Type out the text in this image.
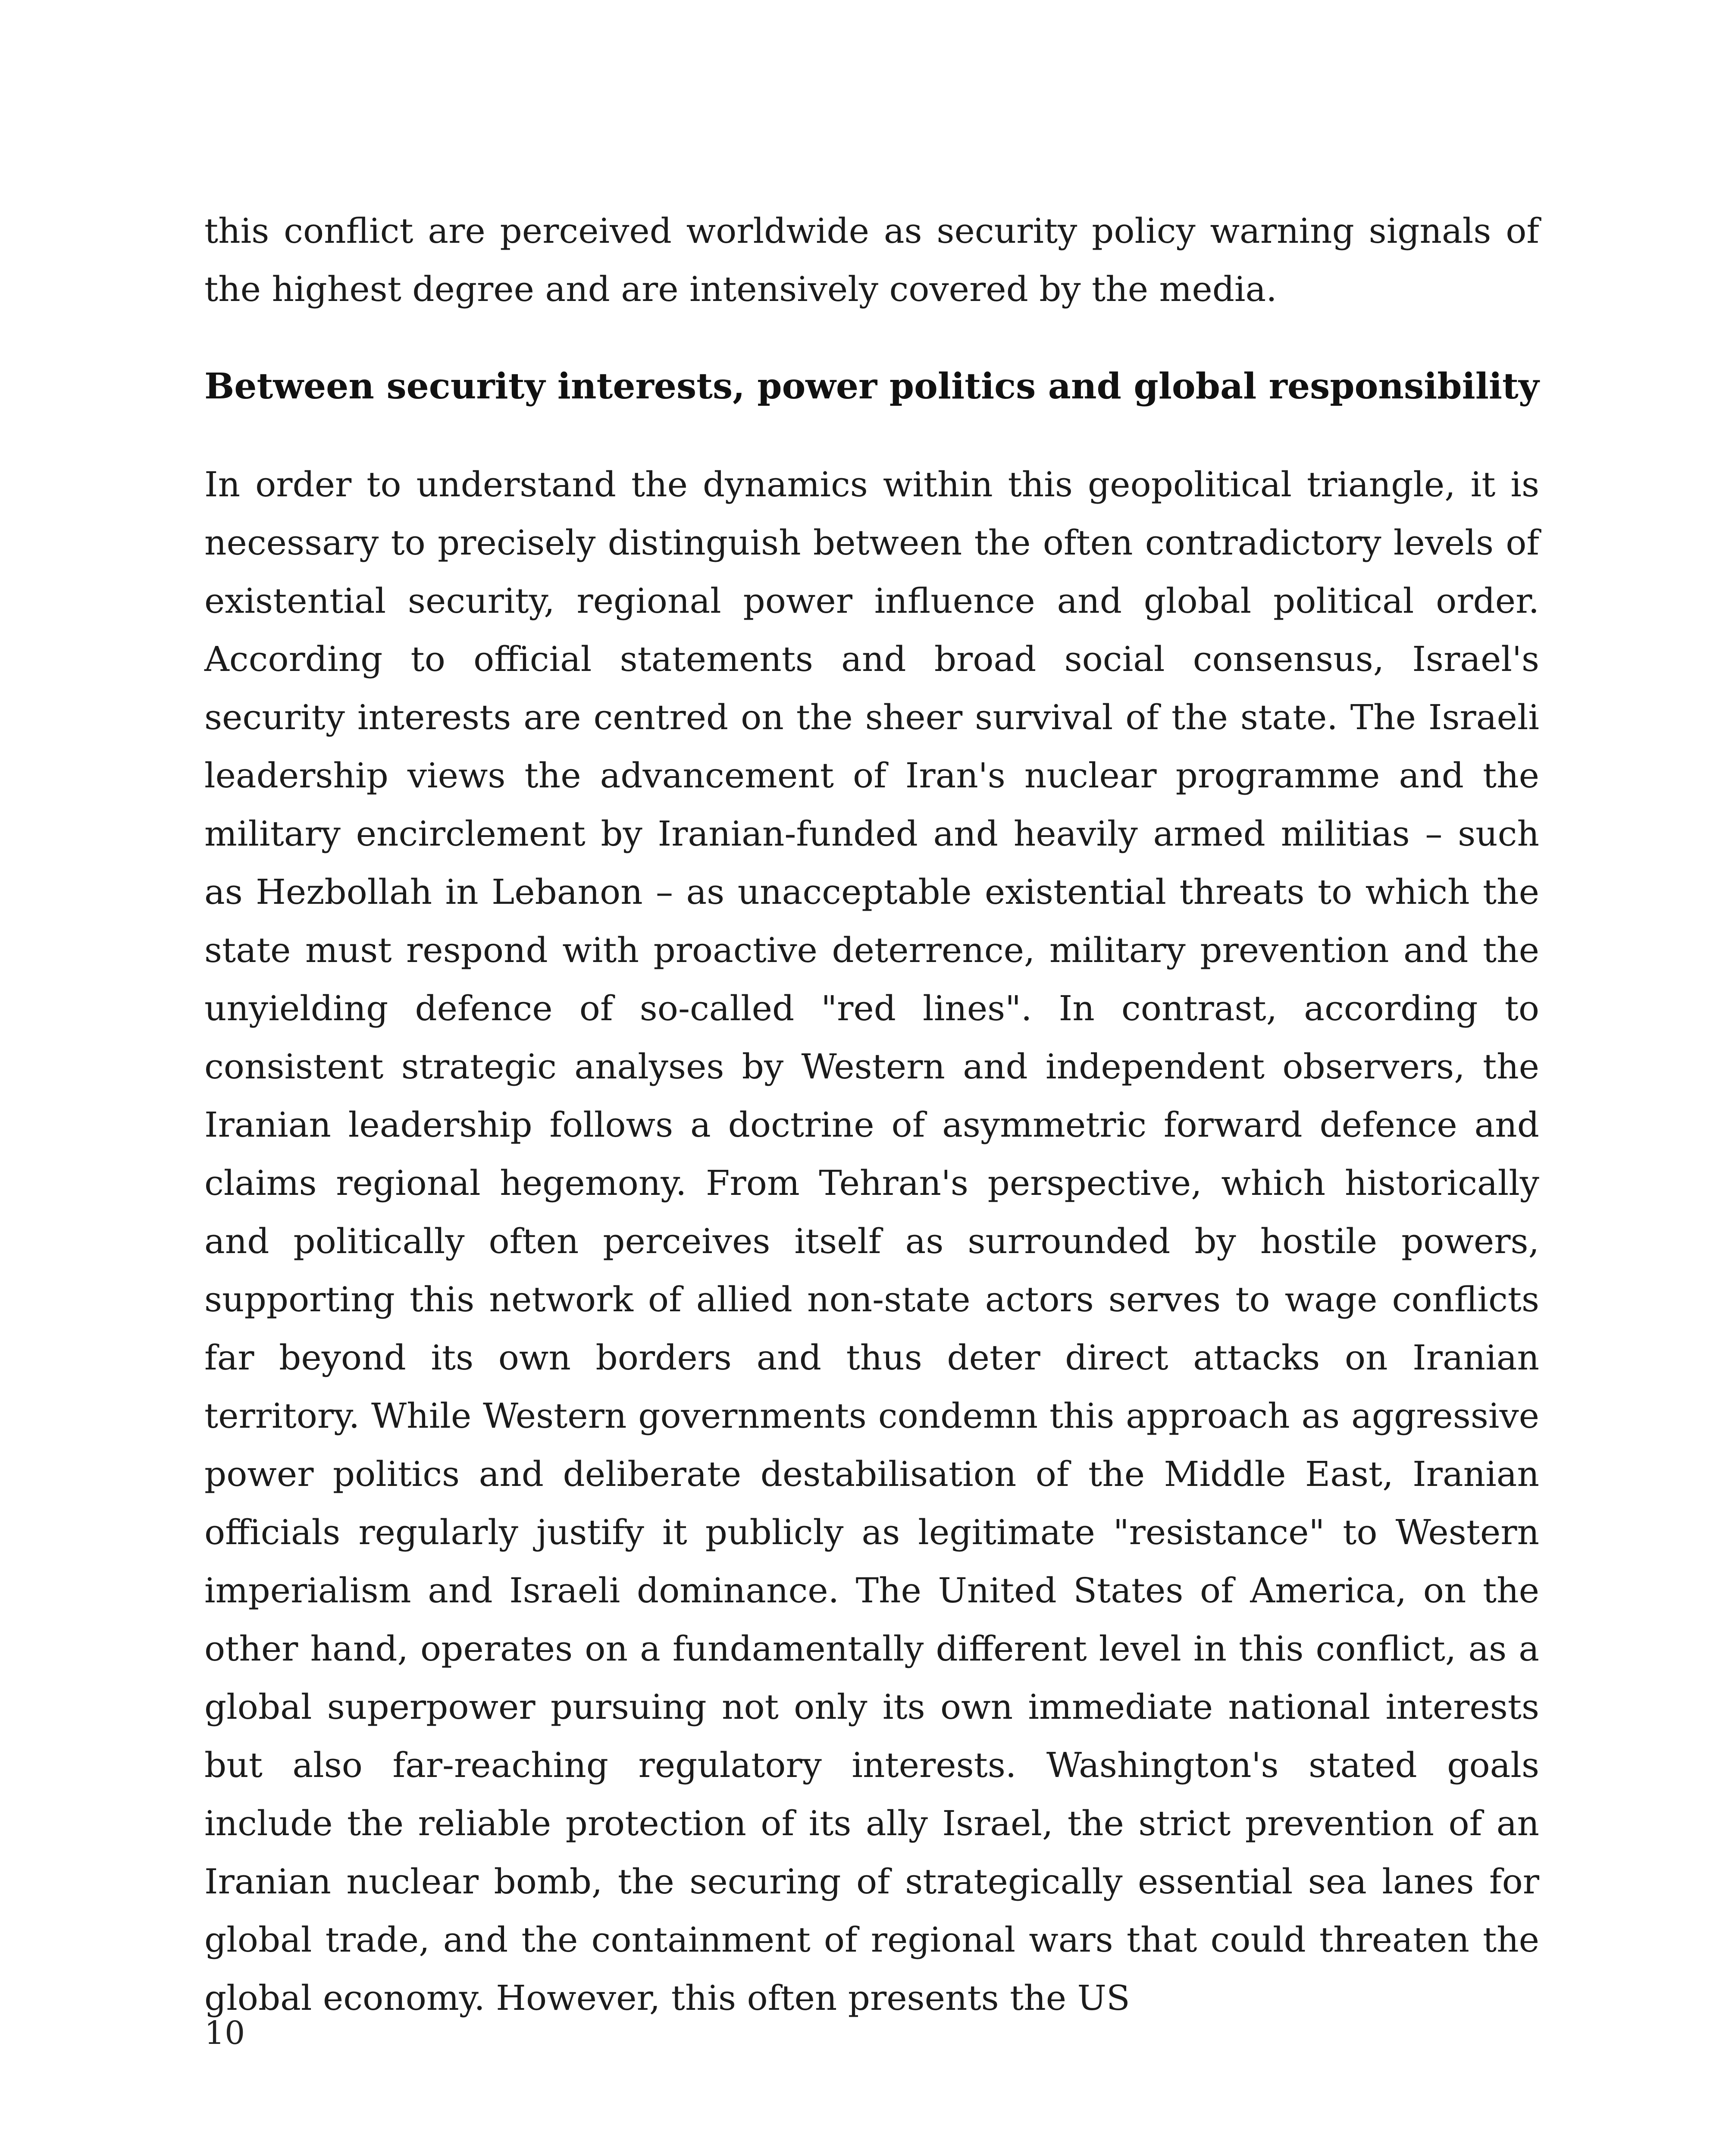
this conflict are perceived worldwide as security policy warning signals of the highest degree and are intensively covered by the media.

Between security interests, power politics and global responsibility

In order to understand the dynamics within this geopolitical triangle, it is necessary to precisely distinguish between the often contradictory levels of existential security, regional power influence and global political order. According to official statements and broad social consensus, Israel's security interests are centred on the sheer survival of the state. The Israeli leadership views the advancement of Iran's nuclear programme and the military encirclement by Iranian-funded and heavily armed militias – such as Hezbollah in Lebanon – as unacceptable existential threats to which the state must respond with proactive deterrence, military prevention and the unyielding defence of so-called "red lines". In contrast, according to consistent strategic analyses by Western and independent observers, the Iranian leadership follows a doctrine of asymmetric forward defence and claims regional hegemony. From Tehran's perspective, which historically and politically often perceives itself as surrounded by hostile powers, supporting this network of allied non-state actors serves to wage conflicts far beyond its own borders and thus deter direct attacks on Iranian territory. While Western governments condemn this approach as aggressive power politics and deliberate destabilisation of the Middle East, Iranian officials regularly justify it publicly as legitimate "resistance" to Western imperialism and Israeli dominance. The United States of America, on the other hand, operates on a fundamentally different level in this conflict, as a global superpower pursuing not only its own immediate national interests but also far-reaching regulatory interests. Washington's stated goals include the reliable protection of its ally Israel, the strict prevention of an Iranian nuclear bomb, the securing of strategically essential sea lanes for global trade, and the containment of regional wars that could threaten the global economy. However, this often presents the US

10
